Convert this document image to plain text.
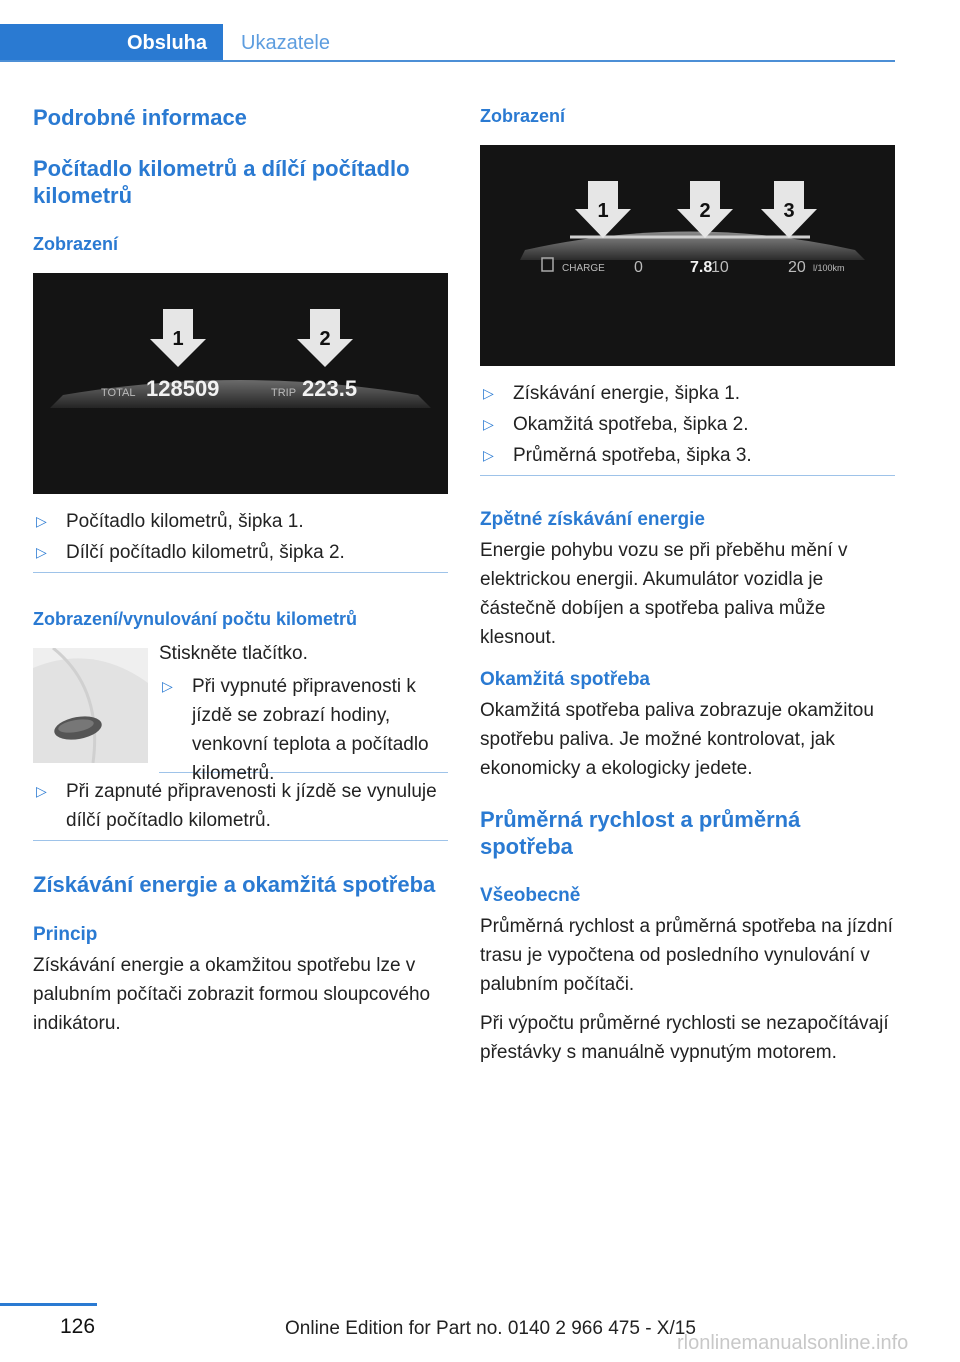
Obsluha	Ukazatele
Podrobné informace
Počítadlo kilometrů a dílčí počítadlo kilometrů
Zobrazení
1	2
TOTAL 128509	TRIP 223.5
▷ Počítadlo kilometrů, šipka 1.
▷ Dílčí počítadlo kilometrů, šipka 2.
Zobrazení/vynulování počtu kilometrů

Stiskněte tlačítko.

▷ Při vypnuté připravenosti k jízdě se zobrazí hodiny, venkovní teplota a počítadlo kilometrů.
▷ Při zapnuté připravenosti k jízdě se vynuluje dílčí počítadlo kilometrů.
Získávání energie a okamžitá spotřeba
Princip

Získávání energie a okamžitou spotřebu lze v palubním počítači zobrazit formou sloupcového indikátoru.

Zobrazení
1	2	3
CHARGE 0	7.8
10	20 l/100km
▷ Získávání energie, šipka 1.
▷ Okamžitá spotřeba, šipka 2.
▷ Průměrná spotřeba, šipka 3.
Zpětné získávání energie

Energie pohybu vozu se při přeběhu mění v elektrickou energii. Akumulátor vozidla je částečně dobíjen a spotřeba paliva může klesnout.

Okamžitá spotřeba

Okamžitá spotřeba paliva zobrazuje okamžitou spotřebu paliva. Je možné kontrolovat, jak ekonomicky a ekologicky jedete.

Průměrná rychlost a průměrná spotřeba
Všeobecně

Průměrná rychlost a průměrná spotřeba na jízdní trasu je vypočtena od posledního vynulování v palubním počítači.

Při výpočtu průměrné rychlosti se nezapočítávají přestávky s manuálně vypnutým motorem.

126	Online Edition for Part no. 0140 2 966 475 - X/15
rlonlinemanualsonline.info
